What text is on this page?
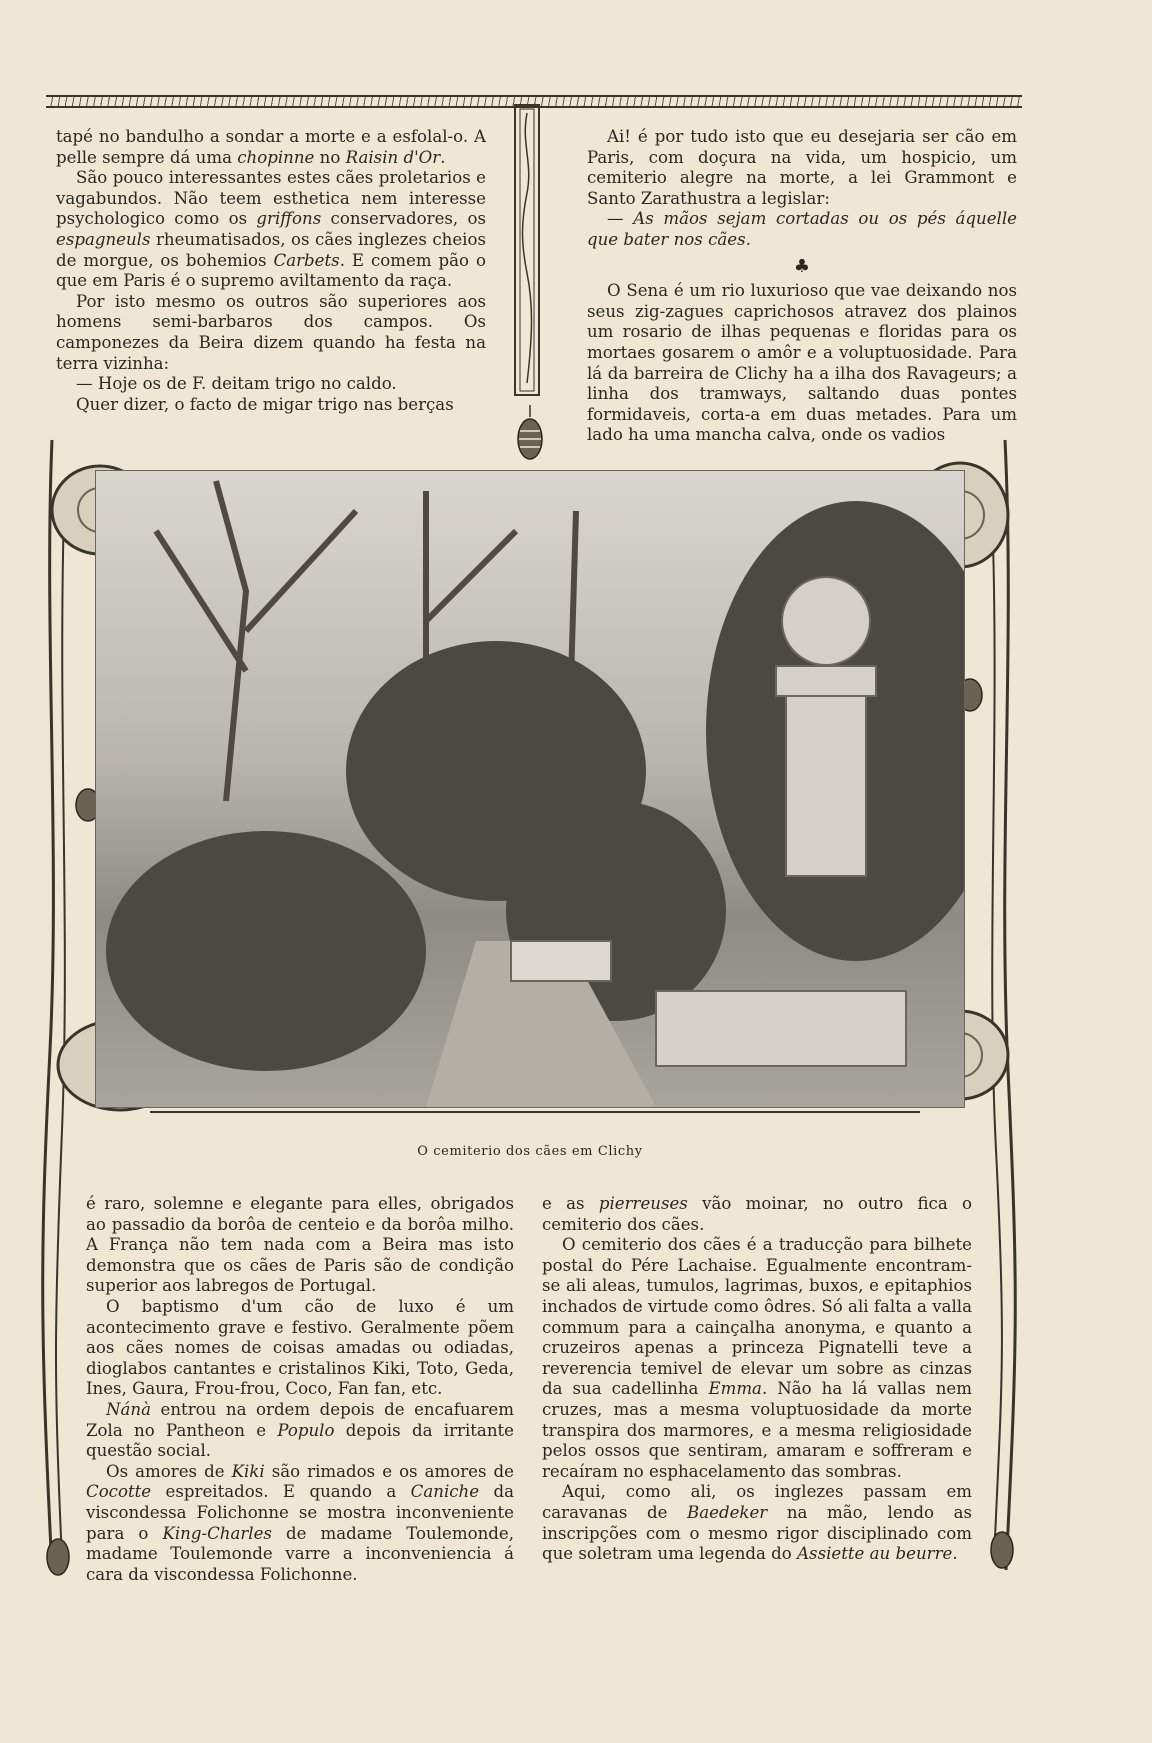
tapé no bandulho a sondar a morte e a esfolal-o. A pelle sempre dá uma chopinne no Raisin d'Or.

São pouco interessantes estes cães proletarios e vagabundos. Não teem esthetica nem interesse psychologico como os griffons conservadores, os espagneuls rheumatisados, os cães inglezes cheios de morgue, os bohemios Carbets. E comem pão o que em Paris é o supremo aviltamento da raça.

Por isto mesmo os outros são superiores aos homens semi-barbaros dos campos. Os camponezes da Beira dizem quando ha festa na terra vizinha:

— Hoje os de F. deitam trigo no caldo.

Quer dizer, o facto de migar trigo nas berças

Ai! é por tudo isto que eu desejaria ser cão em Paris, com doçura na vida, um hospicio, um cemiterio alegre na morte, a lei Grammont e Santo Zarathustra a legislar:

— As mãos sejam cortadas ou os pés áquelle que bater nos cães.

♣

O Sena é um rio luxurioso que vae deixando nos seus zig-zagues caprichosos atravez dos plainos um rosario de ilhas pequenas e floridas para os mortaes gosarem o amôr e a voluptuosidade. Para lá da barreira de Clichy ha a ilha dos Ravageurs; a linha dos tramways, saltando duas pontes formidaveis, corta-a em duas metades. Para um lado ha uma mancha calva, onde os vadios

O cemiterio dos cães em Clichy

é raro, solemne e elegante para elles, obrigados ao passadio da borôa de centeio e da borôa milho. A França não tem nada com a Beira mas isto demonstra que os cães de Paris são de condição superior aos labregos de Portugal.

O baptismo d'um cão de luxo é um acontecimento grave e festivo. Geralmente põem aos cães nomes de coisas amadas ou odiadas, dioglabos cantantes e cristalinos Kiki, Toto, Geda, Ines, Gaura, Frou-frou, Coco, Fan fan, etc.

Nánà entrou na ordem depois de encafuarem Zola no Pantheon e Populo depois da irritante questão social.

Os amores de Kiki são rimados e os amores de Cocotte espreitados. E quando a Caniche da viscondessa Folichonne se mostra inconveniente para o King-Charles de madame Toulemonde, madame Toulemonde varre a inconveniencia á cara da viscondessa Folichonne.

e as pierreuses vão moinar, no outro fica o cemiterio dos cães.

O cemiterio dos cães é a traducção para bilhete postal do Pére Lachaise. Egualmente encontram-se ali aleas, tumulos, lagrimas, buxos, e epitaphios inchados de virtude como ôdres. Só ali falta a valla commum para a cainçalha anonyma, e quanto a cruzeiros apenas a princeza Pignatelli teve a reverencia temivel de elevar um sobre as cinzas da sua cadellinha Emma. Não ha lá vallas nem cruzes, mas a mesma voluptuosidade da morte transpira dos marmores, e a mesma religiosidade pelos ossos que sentiram, amaram e soffreram e recaíram no esphacelamento das sombras.

Aqui, como ali, os inglezes passam em caravanas de Baedeker na mão, lendo as inscripções com o mesmo rigor disciplinado com que soletram uma legenda do Assiette au beurre.
